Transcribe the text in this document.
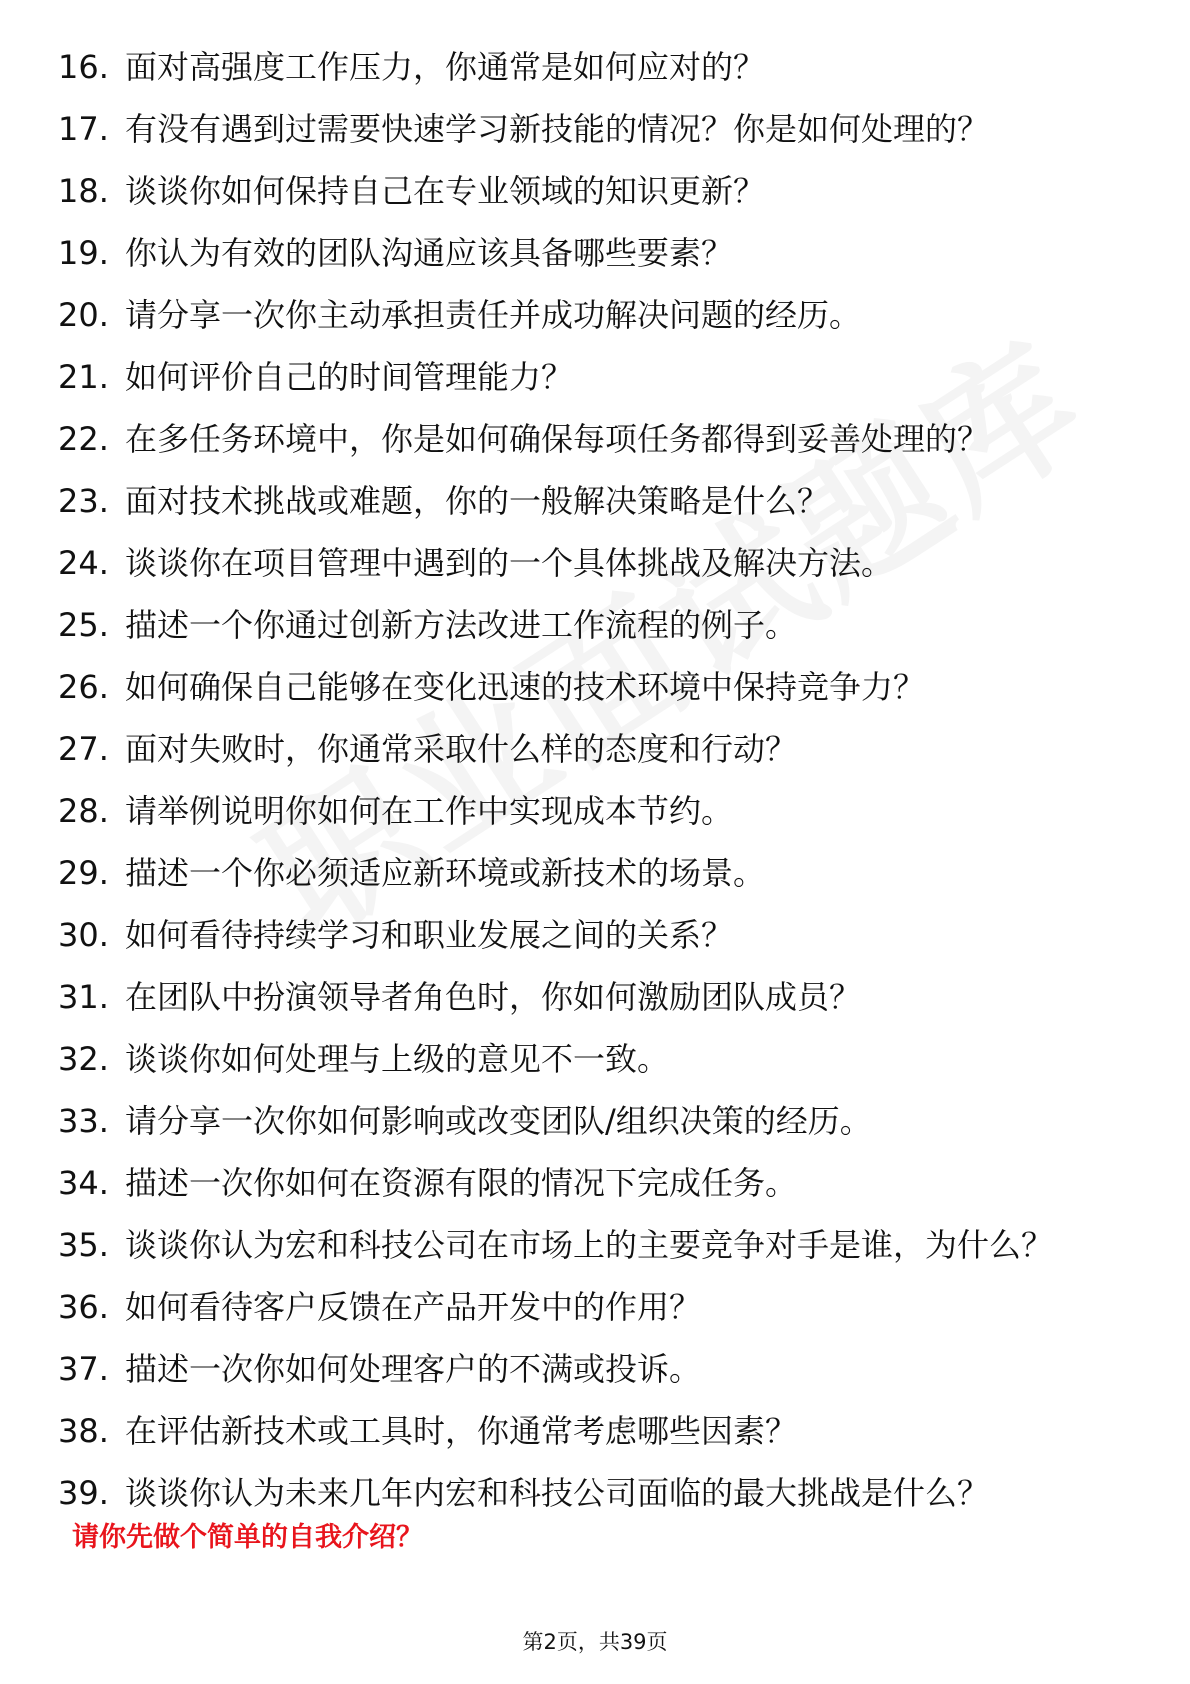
16. 面对高强度工作压力，你通常是如何应对的？
17. 有没有遇到过需要快速学习新技能的情况？你是如何处理的？
18. 谈谈你如何保持自己在专业领域的知识更新？
19. 你认为有效的团队沟通应该具备哪些要素？
20. 请分享一次你主动承担责任并成功解决问题的经历。
21. 如何评价自己的时间管理能力？
22. 在多任务环境中，你是如何确保每项任务都得到妥善处理的？
23. 面对技术挑战或难题，你的一般解决策略是什么？
24. 谈谈你在项目管理中遇到的一个具体挑战及解决方法。
25. 描述一个你通过创新方法改进工作流程的例子。
26. 如何确保自己能够在变化迅速的技术环境中保持竞争力？
27. 面对失败时，你通常采取什么样的态度和行动？
28. 请举例说明你如何在工作中实现成本节约。
29. 描述一个你必须适应新环境或新技术的场景。
30. 如何看待持续学习和职业发展之间的关系？
31. 在团队中扮演领导者角色时，你如何激励团队成员？
32. 谈谈你如何处理与上级的意见不一致。
33. 请分享一次你如何影响或改变团队/组织决策的经历。
34. 描述一次你如何在资源有限的情况下完成任务。
35. 谈谈你认为宏和科技公司在市场上的主要竞争对手是谁，为什么？
36. 如何看待客户反馈在产品开发中的作用？
37. 描述一次你如何处理客户的不满或投诉。
38. 在评估新技术或工具时，你通常考虑哪些因素？
39. 谈谈你认为未来几年内宏和科技公司面临的最大挑战是什么？
请你先做个简单的自我介绍？
第2页，共39页
